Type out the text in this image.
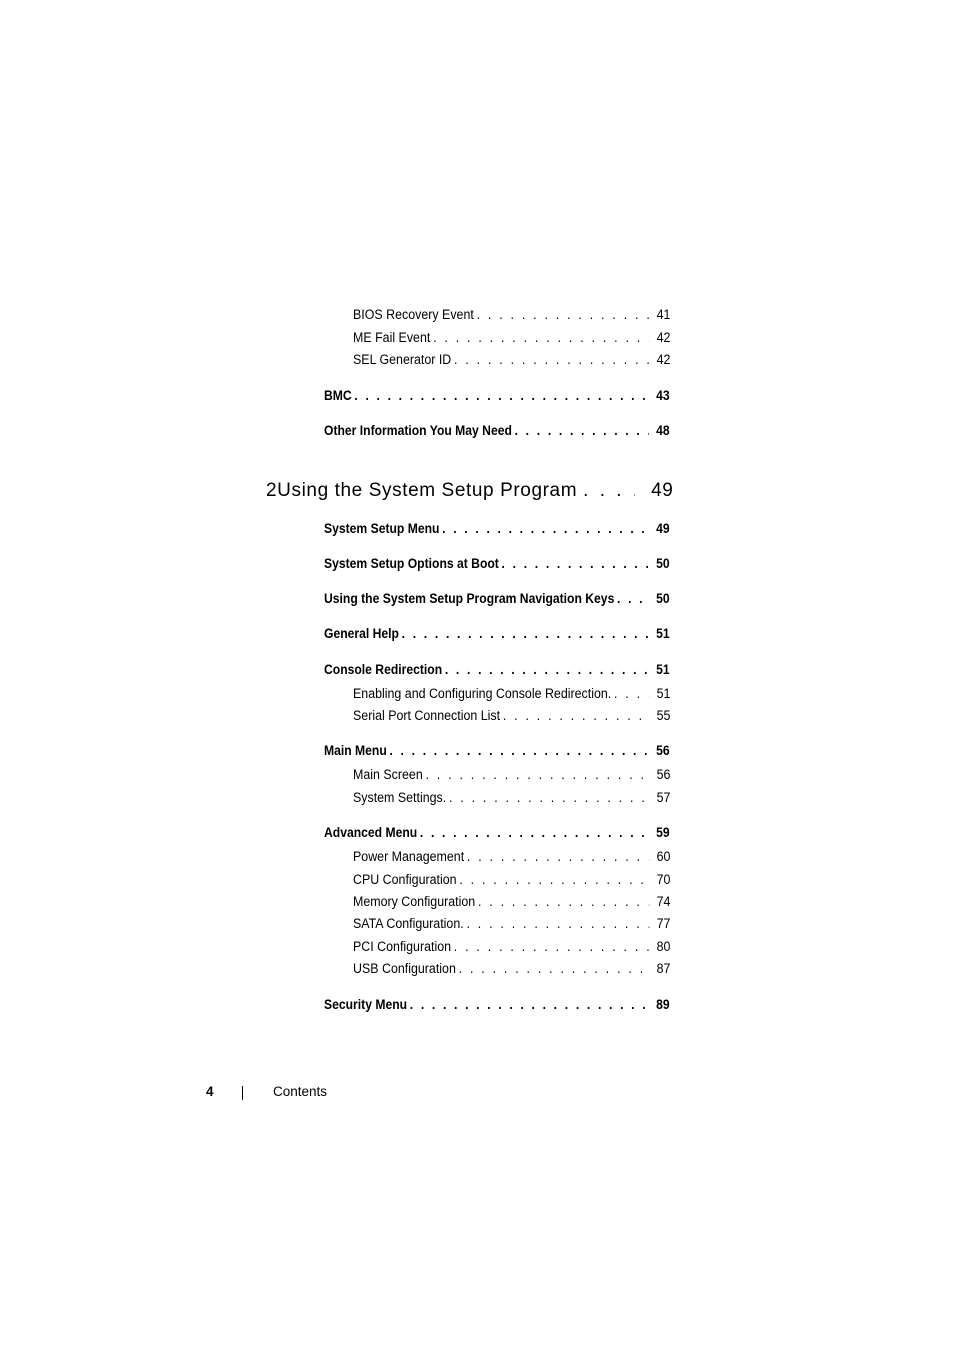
BIOS Recovery Event . . .	41
ME Fail Event . . .	42
SEL Generator ID . . .	42
BMC . . .	43
Other Information You May Need . . .	48
2 Using the System Setup Program . . .	49
System Setup Menu . . .	49
System Setup Options at Boot . . .	50
Using the System Setup Program Navigation Keys . . .	50
General Help . . .	51
Console Redirection . . .	51
Enabling and Configuring Console Redirection. . . .	51
Serial Port Connection List . . .	55
Main Menu . . .	56
Main Screen . . .	56
System Settings. . . .	57
Advanced Menu . . .	59
Power Management . . .	60
CPU Configuration . . .	70
Memory Configuration . . .	74
SATA Configuration. . . .	77
PCI Configuration . . .	80
USB Configuration . . .	87
Security Menu . . .	89
4	Contents
